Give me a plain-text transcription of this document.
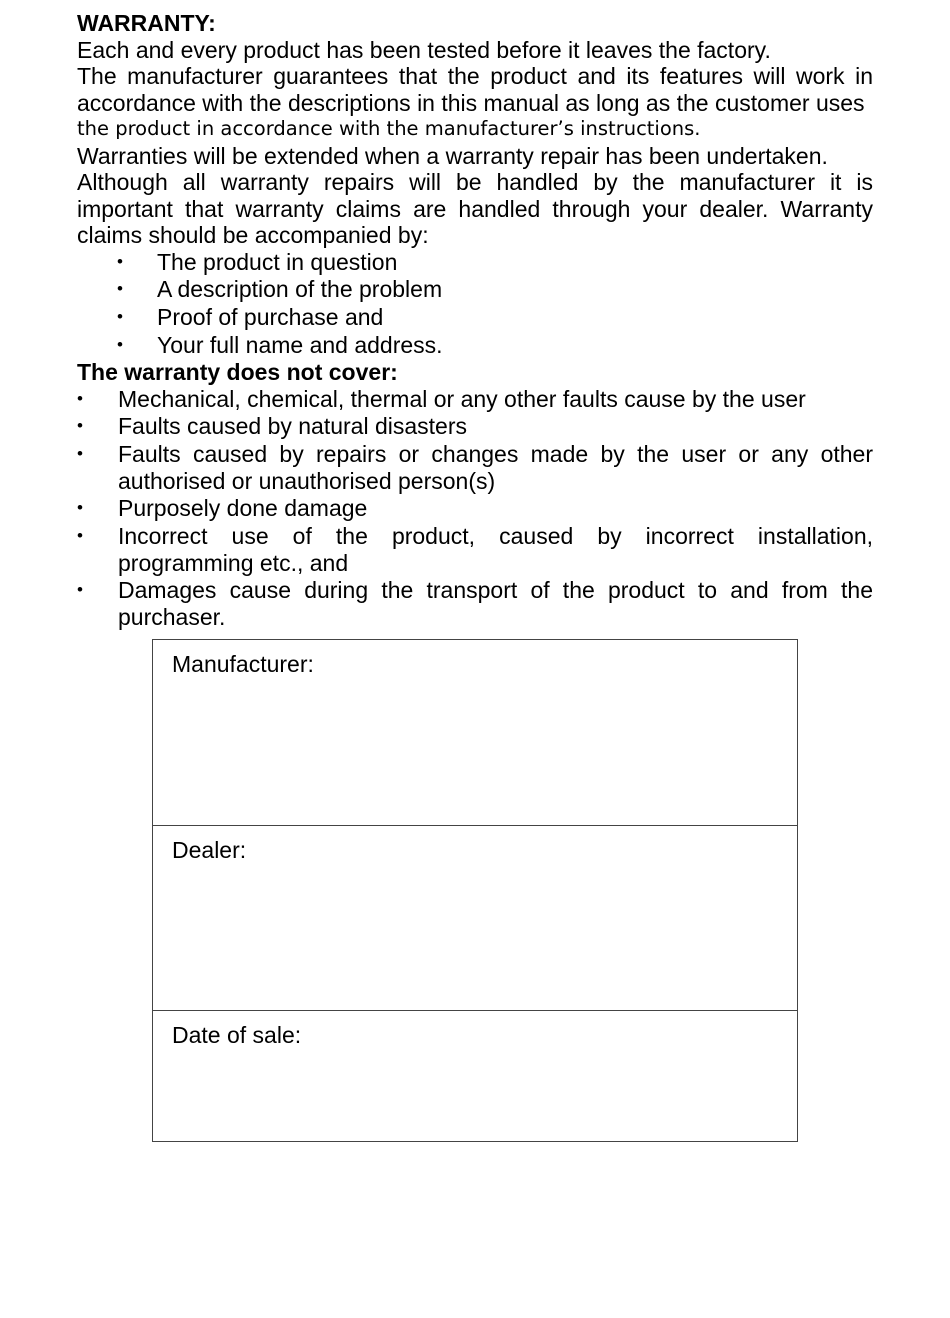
WARRANTY:

Each and every product has been tested before it leaves the factory.

The manufacturer guarantees that the product and its features will work in accordance with the descriptions in this manual as long as the customer uses

the product in accordance with the manufacturer’s instructions.

Warranties will be extended when a warranty repair has been undertaken.

Although all warranty repairs will be handled by the manufacturer it is important that warranty claims are handled through your dealer. Warranty claims should be accompanied by:

• The product in question
• A description of the problem
• Proof of purchase and
• Your full name and address.

The warranty does not cover:

• Mechanical, chemical, thermal or any other faults cause by the user
• Faults caused by natural disasters
• Faults caused by repairs or changes made by the user or any other authorised or unauthorised person(s)
• Purposely done damage
• Incorrect use of the product, caused by incorrect installation, programming etc., and
• Damages cause during the transport of the product to and from the purchaser.
Manufacturer:
Dealer:
Date of sale:
